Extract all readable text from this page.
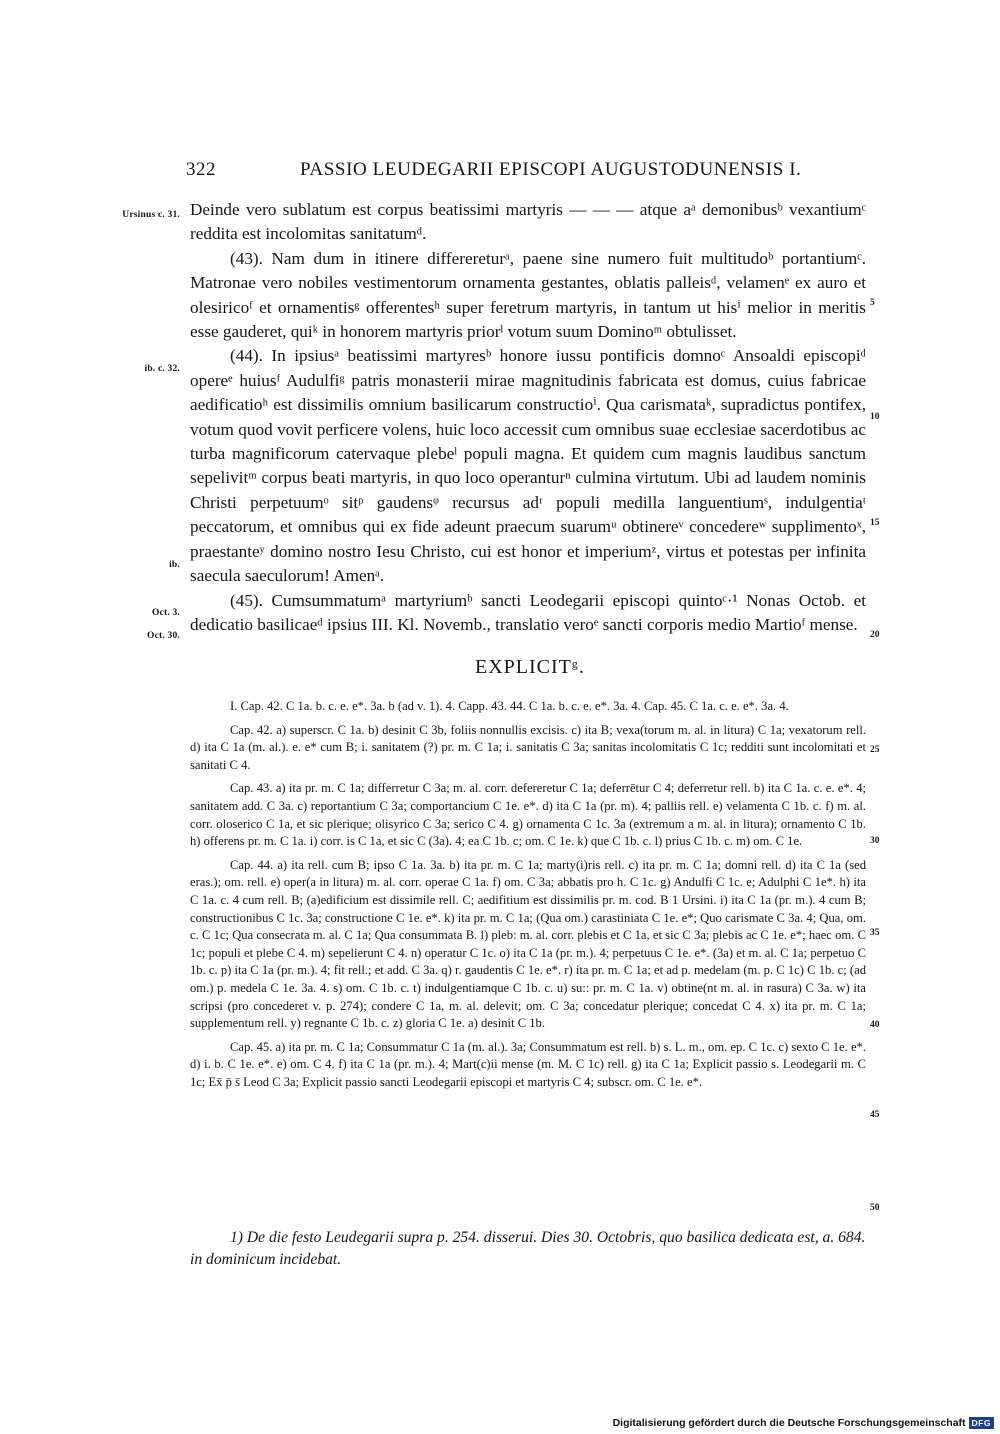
322	PASSIO LEUDEGARII EPISCOPI AUGUSTODUNENSIS I.
Ursinus c. 31.
ib. c. 32.
ib.
Oct. 3.
Oct. 30.
5
10
15
20
25
30
35
40
45
50

Deinde vero sublatum est corpus beatissimi martyris — — — atque aᵃ demonibusᵇ vexantiumᶜ reddita est incolomitas sanitatumᵈ.

(43). Nam dum in itinere differereturᵃ, paene sine numero fuit multitudoᵇ portantiumᶜ. Matronae vero nobiles vestimentorum ornamenta gestantes, oblatis palleisᵈ, velamenᵉ ex auro et olesiricoᶠ et ornamentisᵍ offerentesʰ super feretrum martyris, in tantum ut hisⁱ melior in meritis esse gauderet, quiᵏ in honorem martyris priorˡ votum suum Dominoᵐ obtulisset.

(44). In ipsiusᵃ beatissimi martyresᵇ honore iussu pontificis domnoᶜ Ansoaldi episcopiᵈ opereᵉ huiusᶠ Audulfiᵍ patris monasterii mirae magnitudinis fabricata est domus, cuius fabricae aedificatioʰ est dissimilis omnium basilicarum constructioⁱ. Qua carismataᵏ, supradictus pontifex, votum quod vovit perficere volens, huic loco accessit cum omnibus suae ecclesiae sacerdotibus ac turba magnificorum catervaque plebeˡ populi magna. Et quidem cum magnis laudibus sanctum sepelivitᵐ corpus beati martyris, in quo loco operanturⁿ culmina virtutum. Ubi ad laudem nominis Christi perpetuumᵒ sitᵖ gaudensᵠ recursus adʳ populi medilla languentiumˢ, indulgentiaᵗ peccatorum, et omnibus qui ex fide adeunt praecum suarumᵘ obtinereᵛ concedereʷ supplimentoˣ, praestanteʸ domino nostro Iesu Christo, cui est honor et imperiumᶻ, virtus et potestas per infinita saecula saeculorum! Amenᵃ.

(45). Cumsummatumᵃ martyriumᵇ sancti Leodegarii episcopi quintoᶜ·¹ Nonas Octob. et dedicatio basilicaeᵈ ipsius III. Kl. Novemb., translatio veroᵉ sancti corporis medio Martioᶠ mense.

EXPLICITᵍ.

I. Cap. 42. C 1a. b. c. e. e*. 3a. b (ad v. 1). 4. Capp. 43. 44. C 1a. b. c. e. e*. 3a. 4. Cap. 45. C 1a. c. e. e*. 3a. 4.

Cap. 42. a) superscr. C 1a. b) desinit C 3b, foliis nonnullis excisis. c) ita B; vexa(torum m. al. in litura) C 1a; vexatorum rell. d) ita C 1a (m. al.). e. e* cum B; i. sanitatem (?) pr. m. C 1a; i. sanitatis C 3a; sanitas incolomitatis C 1c; redditi sunt incolomitati et sanitati C 4.

Cap. 43. a) ita pr. m. C 1a; differretur C 3a; m. al. corr. defereretur C 1a; deferrētur C 4; deferretur rell. b) ita C 1a. c. e. e*. 4; sanitatem add. C 3a. c) reportantium C 3a; comportancium C 1e. e*. d) ita C 1a (pr. m). 4; palliis rell. e) velamenta C 1b. c. f) m. al. corr. oloserico C 1a, et sic plerique; olisyrico C 3a; serico C 4. g) ornamenta C 1c. 3a (extremum a m. al. in litura); ornamento C 1b. h) offerens pr. m. C 1a. i) corr. is C 1a, et sic C (3a). 4; ea C 1b. c; om. C 1e. k) que C 1b. c. l) prius C 1b. c. m) om. C 1e.

Cap. 44. a) ita rell. cum B; ipso C 1a. 3a. b) ita pr. m. C 1a; marty(i)ris rell. c) ita pr. m. C 1a; domni rell. d) ita C 1a (sed eras.); om. rell. e) oper(a in litura) m. al. corr. operae C 1a. f) om. C 3a; abbatis pro h. C 1c. g) Andulfi C 1c. e; Adulphi C 1e*. h) ita C 1a. c. 4 cum rell. B; (a)edificium est dissimile rell. C; aedifitium est dissimilis pr. m. cod. B 1 Ursini. i) ita C 1a (pr. m.). 4 cum B; constructionibus C 1c. 3a; constructione C 1e. e*. k) ita pr. m. C 1a; (Qua om.) carastiniata C 1e. e*; Quo carismate C 3a. 4; Qua, om. c. C 1c; Qua consecrata m. al. C 1a; Qua consummata B. l) pleb: m. al. corr. plebis et C 1a, et sic C 3a; plebis ac C 1e. e*; haec om. C 1c; populi et plebe C 4. m) sepelierunt C 4. n) operatur C 1c. o) ita C 1a (pr. m.). 4; perpetuus C 1e. e*. (3a) et m. al. C 1a; perpetuo C 1b. c. p) ita C 1a (pr. m.). 4; fit rell.; et add. C 3a. q) r. gaudentis C 1e. e*. r) ita pr. m. C 1a; et ad p. medelam (m. p. C 1c) C 1b. c; (ad om.) p. medela C 1e. 3a. 4. s) om. C 1b. c. t) indulgentiamque C 1b. c. u) su:: pr. m. C 1a. v) obtine(nt m. al. in rasura) C 3a. w) ita scripsi (pro concederet v. p. 274); condere C 1a, m. al. delevit; om. C 3a; concedatur plerique; concedat C 4. x) ita pr. m. C 1a; supplementum rell. y) regnante C 1b. c. z) gloria C 1e. a) desinit C 1b.

Cap. 45. a) ita pr. m. C 1a; Consummatur C 1a (m. al.). 3a; Consummatum est rell. b) s. L. m., om. ep. C 1c. c) sexto C 1e. e*. d) i. b. C 1e. e*. e) om. C 4. f) ita C 1a (pr. m.). 4; Mart(c)ii mense (m. M. C 1c) rell. g) ita C 1a; Explicit passio s. Leodegarii m. C 1c; Ex̄ p̄ s̄ Leod C 3a; Explicit passio sancti Leodegarii episcopi et martyris C 4; subscr. om. C 1e. e*.

1) De die festo Leudegarii supra p. 254. disserui. Dies 30. Octobris, quo basilica dedicata est, a. 684. in dominicum incidebat.
Digitalisierung gefördert durch die Deutsche Forschungsgemeinschaft DFG
